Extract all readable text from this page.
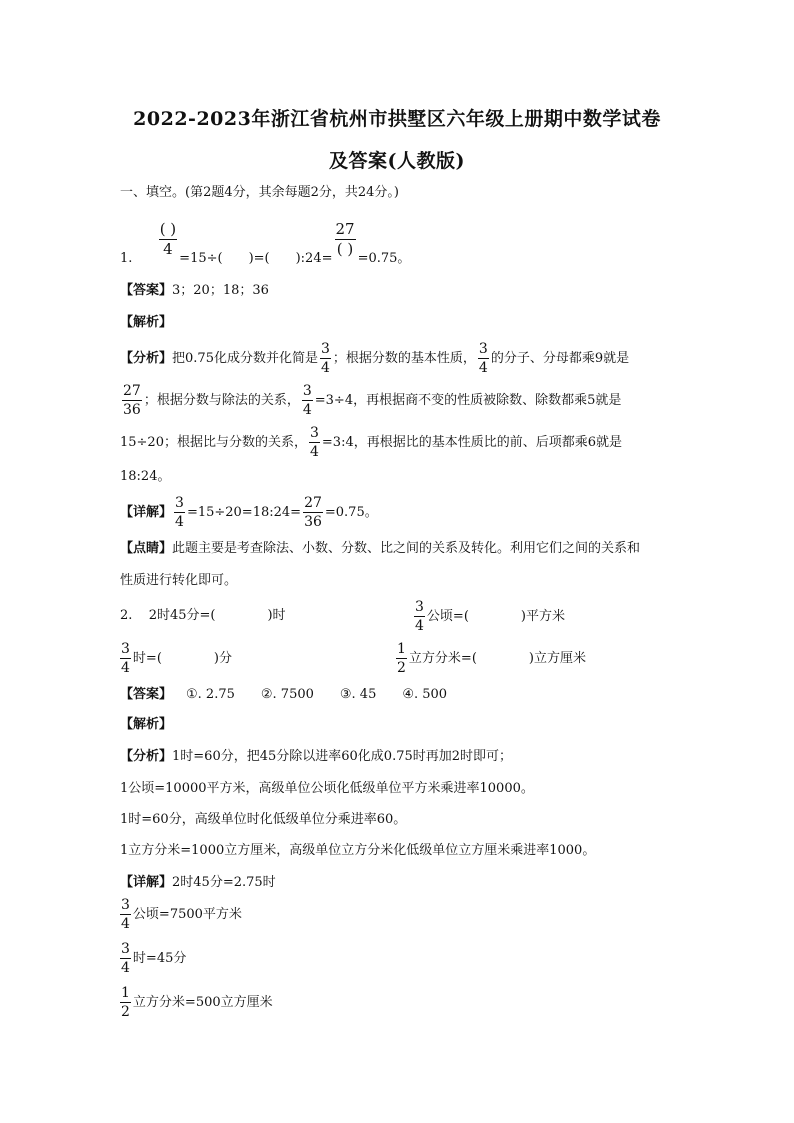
2022-2023年浙江省杭州市拱墅区六年级上册期中数学试卷
及答案(人教版)
一、填空。(第2题4分，其余每题2分，共24分。)
1.
$\frac{( )}{4}$
=15÷(　　)=(　　):24=
$\frac{27}{( )}$
=0.75。
【答案】3；20；18；36
【解析】
【分析】把0.75化成分数并化简是 $\frac{3}{4}$ ；根据分数的基本性质， $\frac{3}{4}$ 的分子、分母都乘9就是
$\frac{27}{36}$ ；根据分数与除法的关系， $\frac{3}{4} =3\div 4$，再根据商不变的性质被除数、除数都乘5就是
15÷20；根据比与分数的关系， $\frac{3}{4}$ =3:4，再根据比的基本性质比的前、后项都乘6就是
18:24。
【详解】 $\frac{3}{4}$ =15÷20=18:24= $\frac{27}{36} =0.75$。
【点睛】此题主要是考查除法、小数、分数、比之间的关系及转化。利用它们之间的关系和
性质进行转化即可。
2. 2时45分=(　　　　)时	$\frac{3}{4}$ 公顷=(　　　　)平方米
$\frac{3}{4}$ 时=(　　　　)分	$\frac{1}{2}$ 立方分米=(　　　　)立方厘米
【答案】 ①. 2.75　　②. 7500　　③. 45　　④. 500
【解析】
【分析】1时=60分，把45分除以进率60化成0.75时再加2时即可；
1公顷=10000平方米，高级单位公顷化低级单位平方米乘进率10000。
1时=60分，高级单位时化低级单位分乘进率60。
1立方分米=1000立方厘米，高级单位立方分米化低级单位立方厘米乘进率1000。
【详解】2时45分=2.75时
$\frac{3}{4}$ 公顷=7500平方米
$\frac{3}{4}$ 时=45分
$\frac{1}{2}$ 立方分米=500立方厘米
